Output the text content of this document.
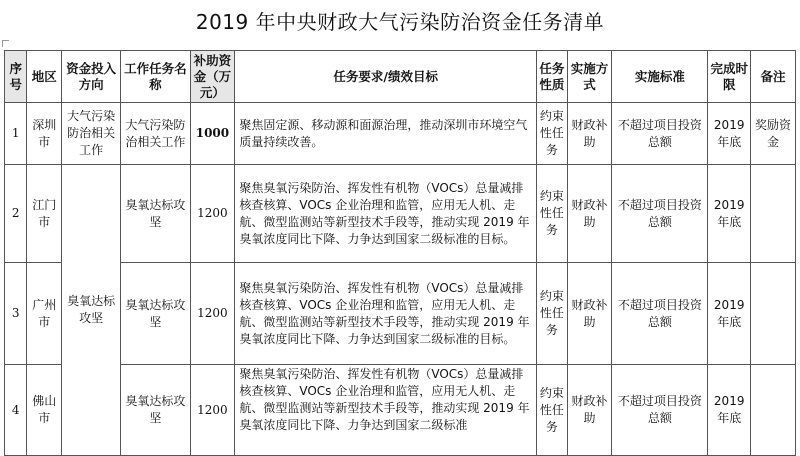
2019 年中央财政大气污染防治资金任务清单
序号	地区	资金投入方向	工作任务名称	补助资金（万元）	任务要求/绩效目标	任务性质	实施方式	实施标准	完成时限	备注
1	深圳市	大气污染防治相关工作	大气污染防治相关工作	1000	聚焦固定源、移动源和面源治理，推动深圳市环境空气质量持续改善。	约束性任务	财政补助	不超过项目投资总额	2019年底	奖励资金
2	江门市	臭氧达标攻坚	臭氧达标攻坚	1200	聚焦臭氧污染防治、挥发性有机物（VOCs）总量减排核查核算、VOCs 企业治理和监管，应用无人机、走航、微型监测站等新型技术手段等，推动实现 2019 年臭氧浓度同比下降、力争达到国家二级标准的目标。	约束性任务	财政补助	不超过项目投资总额	2019年底	
3	广州市		臭氧达标攻坚	1200	聚焦臭氧污染防治、挥发性有机物（VOCs）总量减排核查核算、VOCs 企业治理和监管，应用无人机、走航、微型监测站等新型技术手段等，推动实现 2019 年臭氧浓度同比下降、力争达到国家二级标准的目标。	约束性任务	财政补助	不超过项目投资总额	2019年底	
4	佛山市		臭氧达标攻坚	1200	聚焦臭氧污染防治、挥发性有机物（VOCs）总量减排核查核算、VOCs 企业治理和监管，应用无人机、走航、微型监测站等新型技术手段等，推动实现 2019 年臭氧浓度同比下降、力争达到国家二级标准	约束性任务	财政补助	不超过项目投资总额	2019年底	
